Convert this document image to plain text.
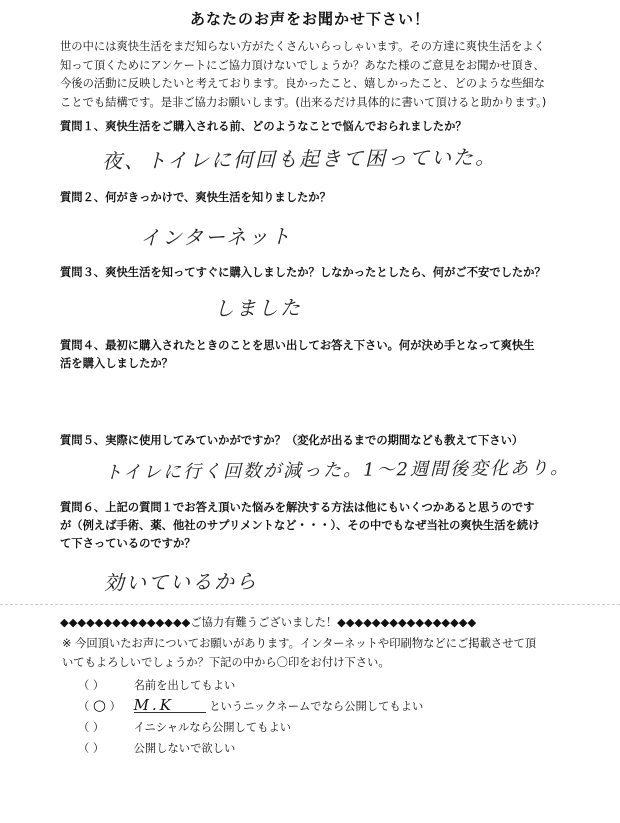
あなたのお声をお聞かせ下さい！
世の中には爽快生活をまだ知らない方がたくさんいらっしゃいます。その方達に爽快生活をよく
知って頂くためにアンケートにご協力頂けないでしょうか？あなた様のご意見をお聞かせ頂き、
今後の活動に反映したいと考えております。良かったこと、嬉しかったこと、どのような些細な
ことでも結構です。是非ご協力お願いします。(出来るだけ具体的に書いて頂けると助かります。)
質問１、爽快生活をご購入される前、どのようなことで悩んでおられましたか？
夜、トイレに何回も起きて困っていた。
質問２、何がきっかけで、爽快生活を知りましたか？
インターネット
質問３、爽快生活を知ってすぐに購入しましたか？しなかったとしたら、何がご不安でしたか？
しました
質問４、最初に購入されたときのことを思い出してお答え下さい。何が決め手となって爽快生
活を購入しましたか？
質問５、実際に使用してみていかがですか？（変化が出るまでの期間なども教えて下さい）
トイレに行く回数が減った。1〜2週間後変化あり。
質問６、上記の質問１でお答え頂いた悩みを解決する方法は他にもいくつかあると思うのです
が（例えば手術、薬、他社のサプリメントなど・・・）、その中でもなぜ当社の爽快生活を続け
て下さっているのですか？
効いているから
◆◆◆◆◆◆◆◆◆◆◆◆◆◆◆ご協力有難うございました！◆◆◆◆◆◆◆◆◆◆◆◆◆◆◆◆
※ 今回頂いたお声についてお願いがあります。インターネットや印刷物などにご掲載させて頂
いてもよろしいでしょうか？下記の中から〇印をお付け下さい。
（ ）	名前を出してもよい
（ ○ ） M.K	というニックネームでなら公開してもよい
（ ）	イニシャルなら公開してもよい
（ ）	公開しないで欲しい
